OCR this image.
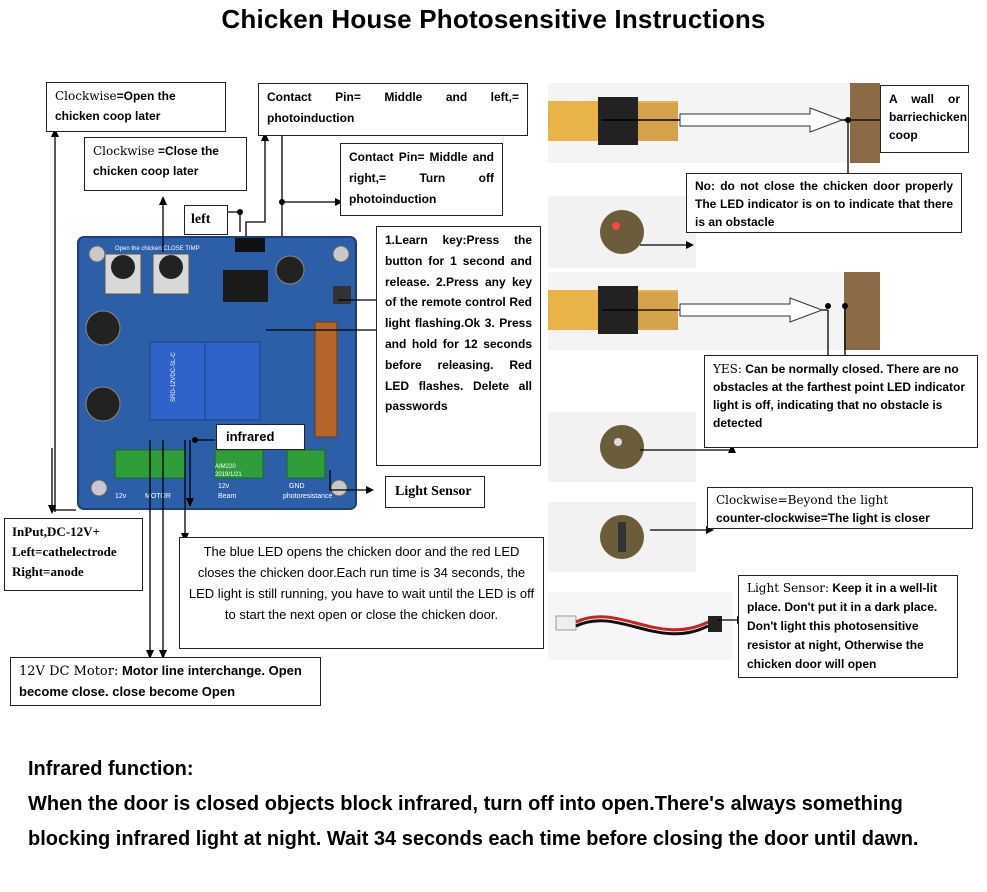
Chicken House Photosensitive Instructions
12v	MOTOR
12v
Beam
GND
photoresistance
AIM220
2019/1/21
Open the chicken CLOSE TIMP
SRD-12VDC-SL-C
Clockwise=Open the chicken coop later
Clockwise =Close the chicken coop later
Contact Pin= Middle and left,= photoinduction
Contact Pin= Middle and right,= Turn off photoinduction
left
1.Learn key:Press the button for 1 second and release. 2.Press any key of the remote control Red light flashing.Ok 3. Press and hold for 12 seconds before releasing. Red LED flashes. Delete all passwords
infrared
Light Sensor
InPut,DC-12V+
Left=cathelectrode
Right=anode
The blue LED opens the chicken door and the red LED closes the chicken door.Each run time is 34 seconds, the LED light is still running, you have to wait until the LED is off to start the next open or close the chicken door.
12V DC Motor: Motor line interchange. Open become close. close become Open
A wall or barriechicken coop
No: do not close the chicken door properly The LED indicator is on to indicate that there is an obstacle
YES: Can be normally closed. There are no obstacles at the farthest point LED indicator light is off, indicating that no obstacle is detected
Clockwise=Beyond the light
counter-clockwise=The light is closer
Light Sensor: Keep it in a well-lit place. Don't put it in a dark place. Don't light this photosensitive resistor at night, Otherwise the chicken door will open
Infrared function:
When the door is closed objects block infrared, turn off into open.There's always something blocking infrared light at night. Wait 34 seconds each time before closing the door until dawn.
